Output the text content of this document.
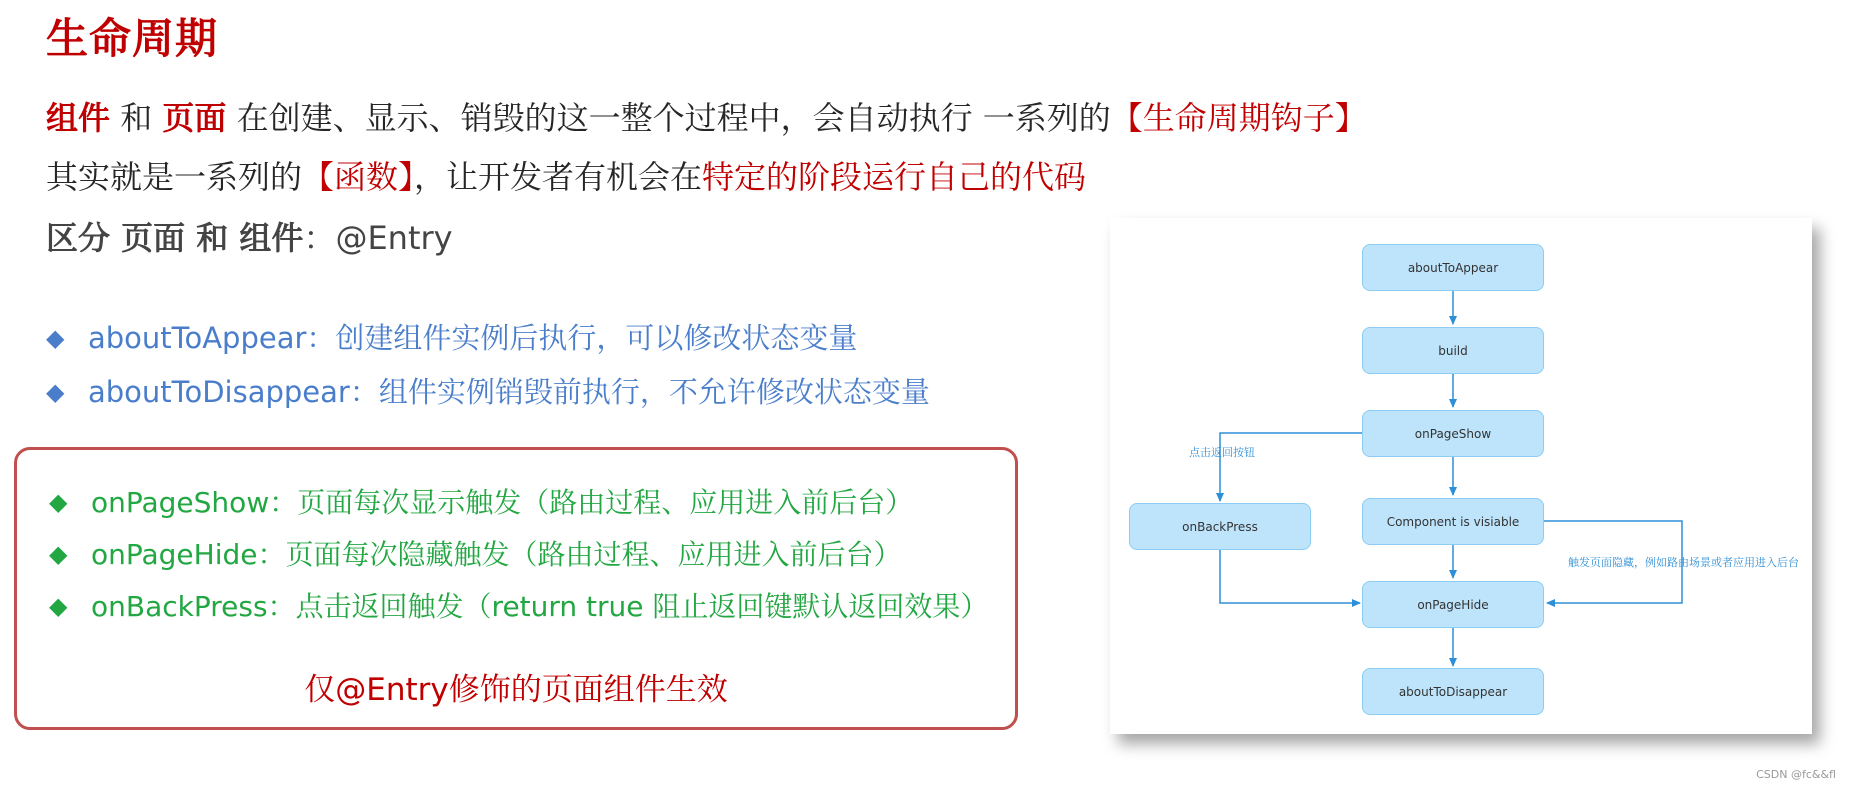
生命周期
组件 和 页面 在创建、显示、销毁的这一整个过程中，会自动执行 一系列的【生命周期钩子】
其实就是一系列的【函数】，让开发者有机会在特定的阶段运行自己的代码
区分 页面 和 组件：@Entry
◆ aboutToAppear：创建组件实例后执行，可以修改状态变量
◆ aboutToDisappear：组件实例销毁前执行，不允许修改状态变量
◆ onPageShow：页面每次显示触发（路由过程、应用进入前后台）
◆ onPageHide：页面每次隐藏触发（路由过程、应用进入前后台）
◆ onBackPress：点击返回触发（return true 阻止返回键默认返回效果）
仅@Entry修饰的页面组件生效
aboutToAppear
build
onPageShow
onBackPress	Component is visiable
onPageHide
aboutToDisappear
点击返回按钮
触发页面隐藏，例如路由场景或者应用进入后台
CSDN @fc&&fl
